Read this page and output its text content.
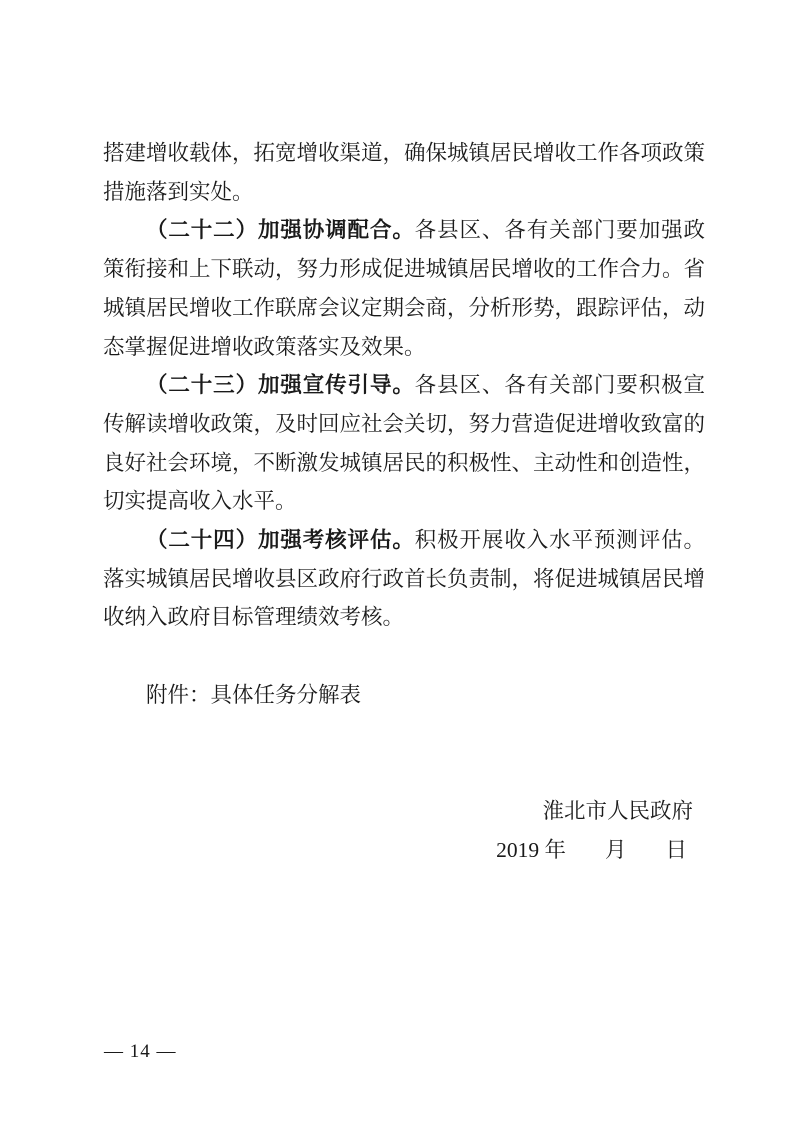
搭建增收载体，拓宽增收渠道，确保城镇居民增收工作各项政策措施落到实处。

（二十二）加强协调配合。各县区、各有关部门要加强政策衔接和上下联动，努力形成促进城镇居民增收的工作合力。省城镇居民增收工作联席会议定期会商，分析形势，跟踪评估，动态掌握促进增收政策落实及效果。

（二十三）加强宣传引导。各县区、各有关部门要积极宣传解读增收政策，及时回应社会关切，努力营造促进增收致富的良好社会环境，不断激发城镇居民的积极性、主动性和创造性，切实提高收入水平。

（二十四）加强考核评估。积极开展收入水平预测评估。落实城镇居民增收县区政府行政首长负责制，将促进城镇居民增收纳入政府目标管理绩效考核。

附件：具体任务分解表

淮北市人民政府
2019 年 月 日
— 14 —
